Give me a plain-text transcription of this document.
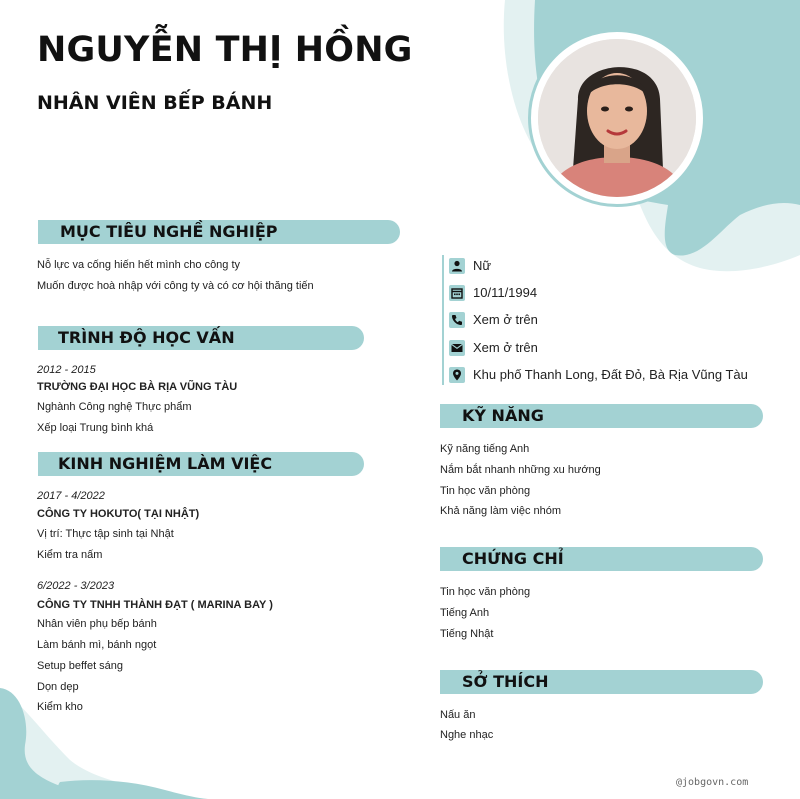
NGUYỄN THỊ HỒNG
NHÂN VIÊN BẾP BÁNH
MỤC TIÊU NGHỀ NGHIỆP
Nỗ lực va cống hiến hết mình cho công ty
Muốn được hoà nhập với công ty và có cơ hội thăng tiến
TRÌNH ĐỘ HỌC VẤN
2012 - 2015
TRƯỜNG ĐẠI HỌC BÀ RỊA VŨNG TÀU
Nghành Công nghệ Thực phẩm
Xếp loại Trung bình khá
KINH NGHIỆM LÀM VIỆC
2017 - 4/2022
CÔNG TY HOKUTO( TẠI NHẬT)
Vị trí: Thực tập sinh tại Nhật
Kiểm tra nấm
6/2022 - 3/2023
CÔNG TY TNHH THÀNH ĐẠT ( MARINA BAY )
Nhân viên phụ bếp bánh
Làm bánh mì, bánh ngọt
Setup beffet sáng
Dọn dẹp
Kiểm kho
Nữ
10/11/1994
Xem ở trên
Xem ở trên
Khu phố Thanh Long, Đất Đỏ, Bà Rịa Vũng Tàu
KỸ NĂNG
Kỹ năng tiếng Anh
Nắm bắt nhanh những xu hướng
Tin học văn phòng
Khả năng làm việc nhóm
CHỨNG CHỈ
Tin học văn phòng
Tiếng Anh
Tiếng Nhật
SỞ THÍCH
Nấu ăn
Nghe nhạc
@jobgovn.com
